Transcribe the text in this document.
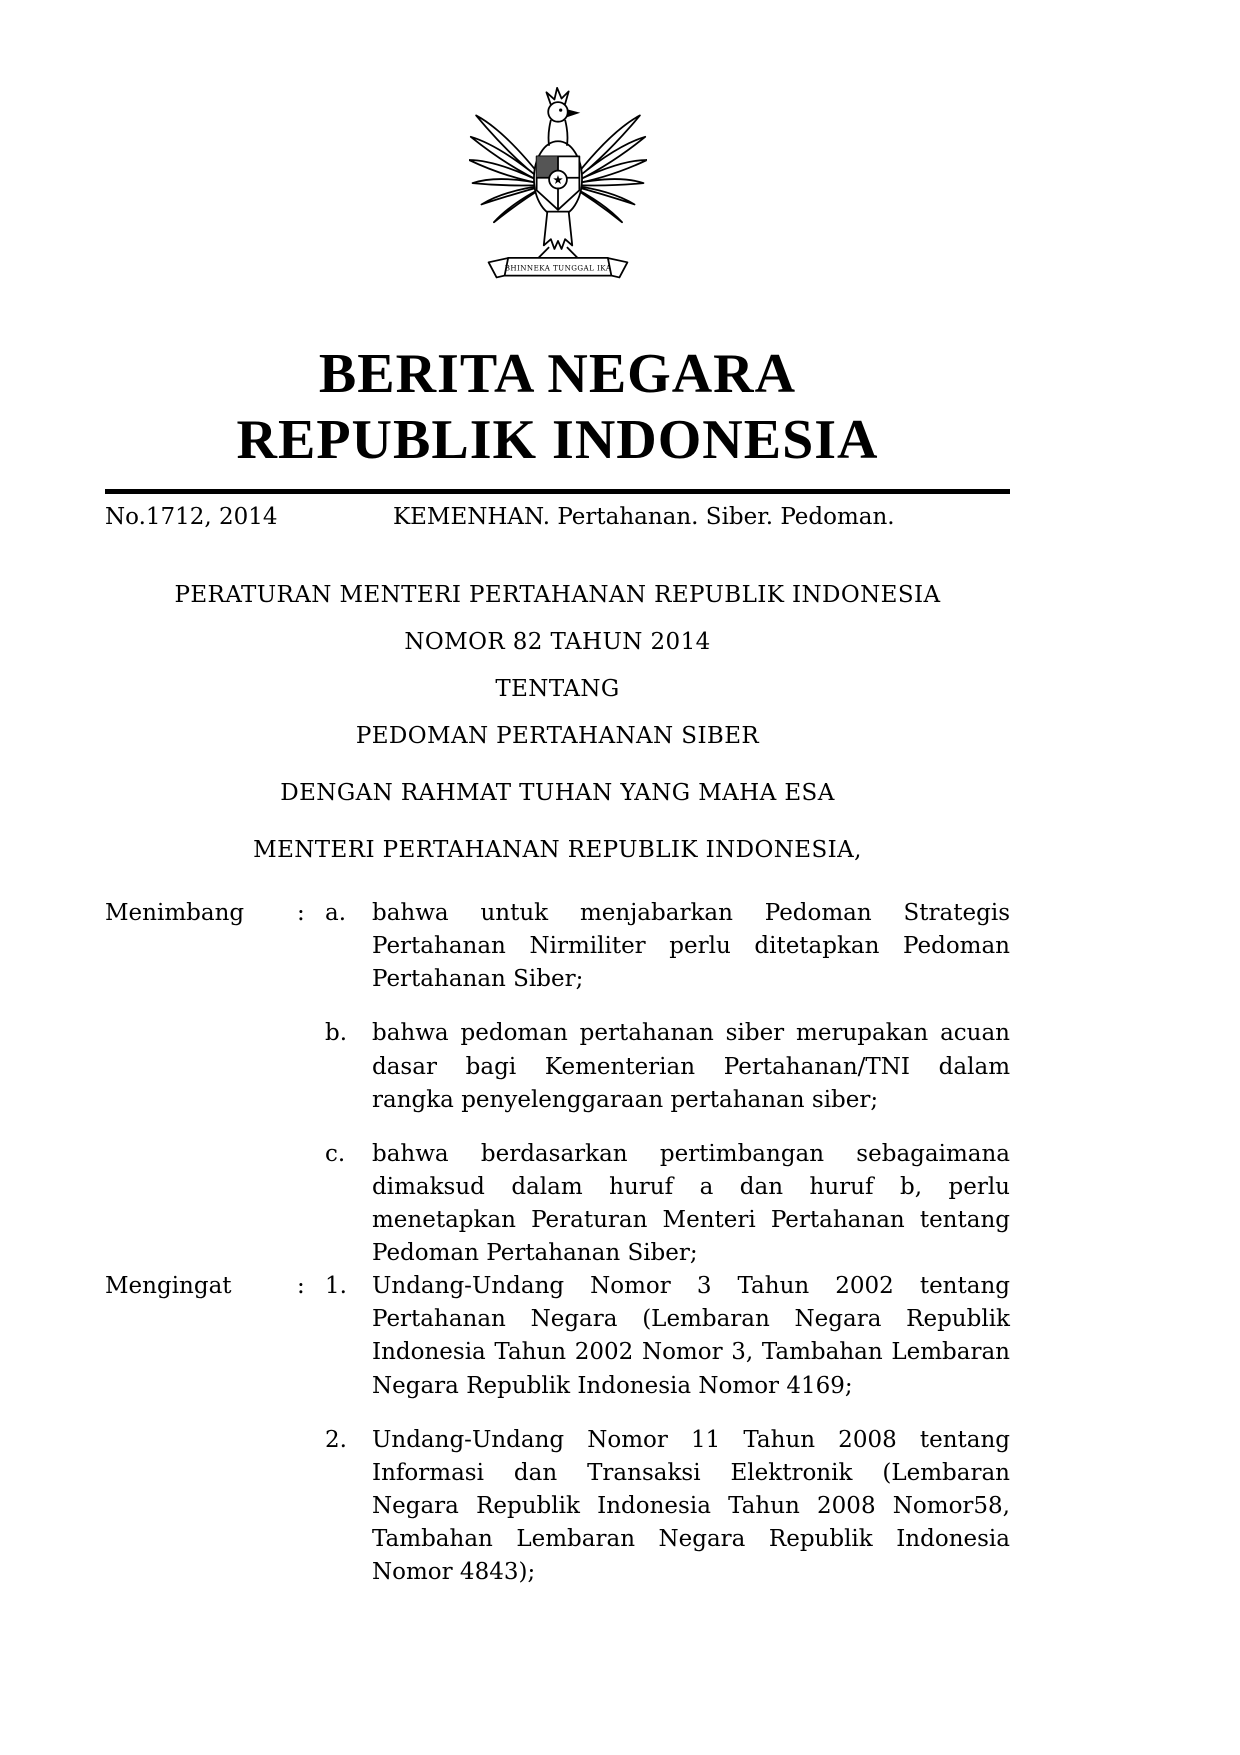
★
BHINNEKA TUNGGAL IKA
BERITA NEGARA
REPUBLIK INDONESIA
No.1712, 2014	KEMENHAN. Pertahanan. Siber. Pedoman.
PERATURAN MENTERI PERTAHANAN REPUBLIK INDONESIA
NOMOR 82 TAHUN 2014
TENTANG
PEDOMAN PERTAHANAN SIBER
DENGAN RAHMAT TUHAN YANG MAHA ESA
MENTERI PERTAHANAN REPUBLIK INDONESIA,
Menimbang	: a.	bahwa untuk menjabarkan Pedoman Strategis Pertahanan Nirmiliter perlu ditetapkan Pedoman Pertahanan Siber;
b.	bahwa pedoman pertahanan siber merupakan acuan dasar bagi Kementerian Pertahanan/TNI dalam rangka penyelenggaraan pertahanan siber;
c.	bahwa berdasarkan pertimbangan sebagaimana dimaksud dalam huruf a dan huruf b, perlu menetapkan Peraturan Menteri Pertahanan tentang Pedoman Pertahanan Siber;
Mengingat	: 1.	Undang-Undang Nomor 3 Tahun 2002 tentang Pertahanan Negara (Lembaran Negara Republik Indonesia Tahun 2002 Nomor 3, Tambahan Lembaran Negara Republik Indonesia Nomor 4169;
2.	Undang-Undang Nomor 11 Tahun 2008 tentang Informasi dan Transaksi Elektronik (Lembaran Negara Republik Indonesia Tahun 2008 Nomor58, Tambahan Lembaran Negara Republik Indonesia Nomor 4843);
